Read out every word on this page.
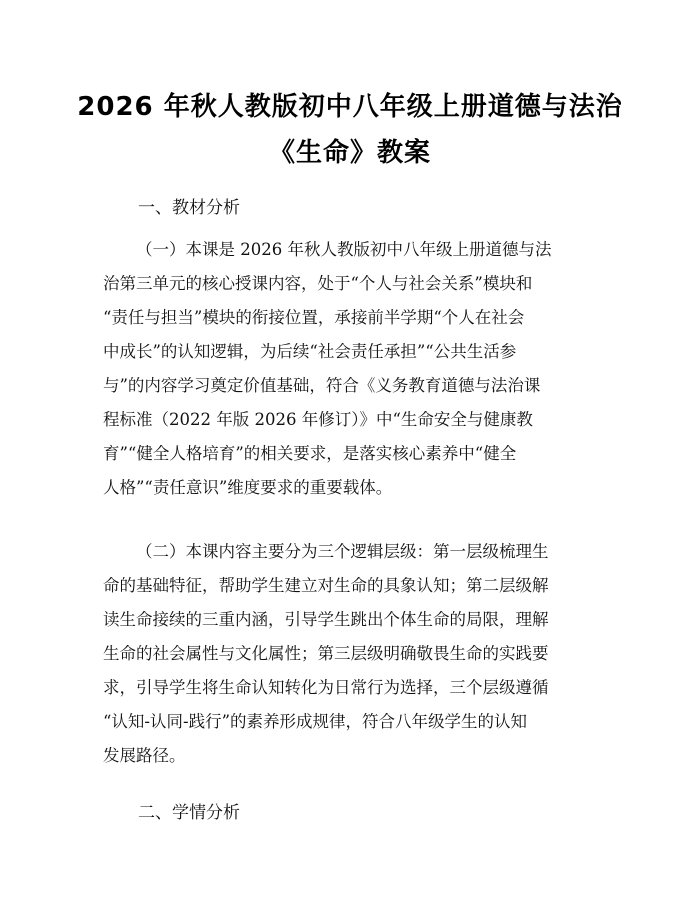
2026 年秋人教版初中八年级上册道德与法治
《生命》教案
一、教材分析
（一）本课是 2026 年秋人教版初中八年级上册道德与法
治第三单元的核心授课内容，处于“个人与社会关系”模块和
“责任与担当”模块的衔接位置，承接前半学期“个人在社会
中成长”的认知逻辑，为后续“社会责任承担”“公共生活参
与”的内容学习奠定价值基础，符合《义务教育道德与法治课
程标准（2022 年版 2026 年修订）》中“生命安全与健康教
育”“健全人格培育”的相关要求，是落实核心素养中“健全
人格”“责任意识”维度要求的重要载体。
（二）本课内容主要分为三个逻辑层级：第一层级梳理生
命的基础特征，帮助学生建立对生命的具象认知；第二层级解
读生命接续的三重内涵，引导学生跳出个体生命的局限，理解
生命的社会属性与文化属性；第三层级明确敬畏生命的实践要
求，引导学生将生命认知转化为日常行为选择，三个层级遵循
“认知-认同-践行”的素养形成规律，符合八年级学生的认知
发展路径。
二、学情分析
